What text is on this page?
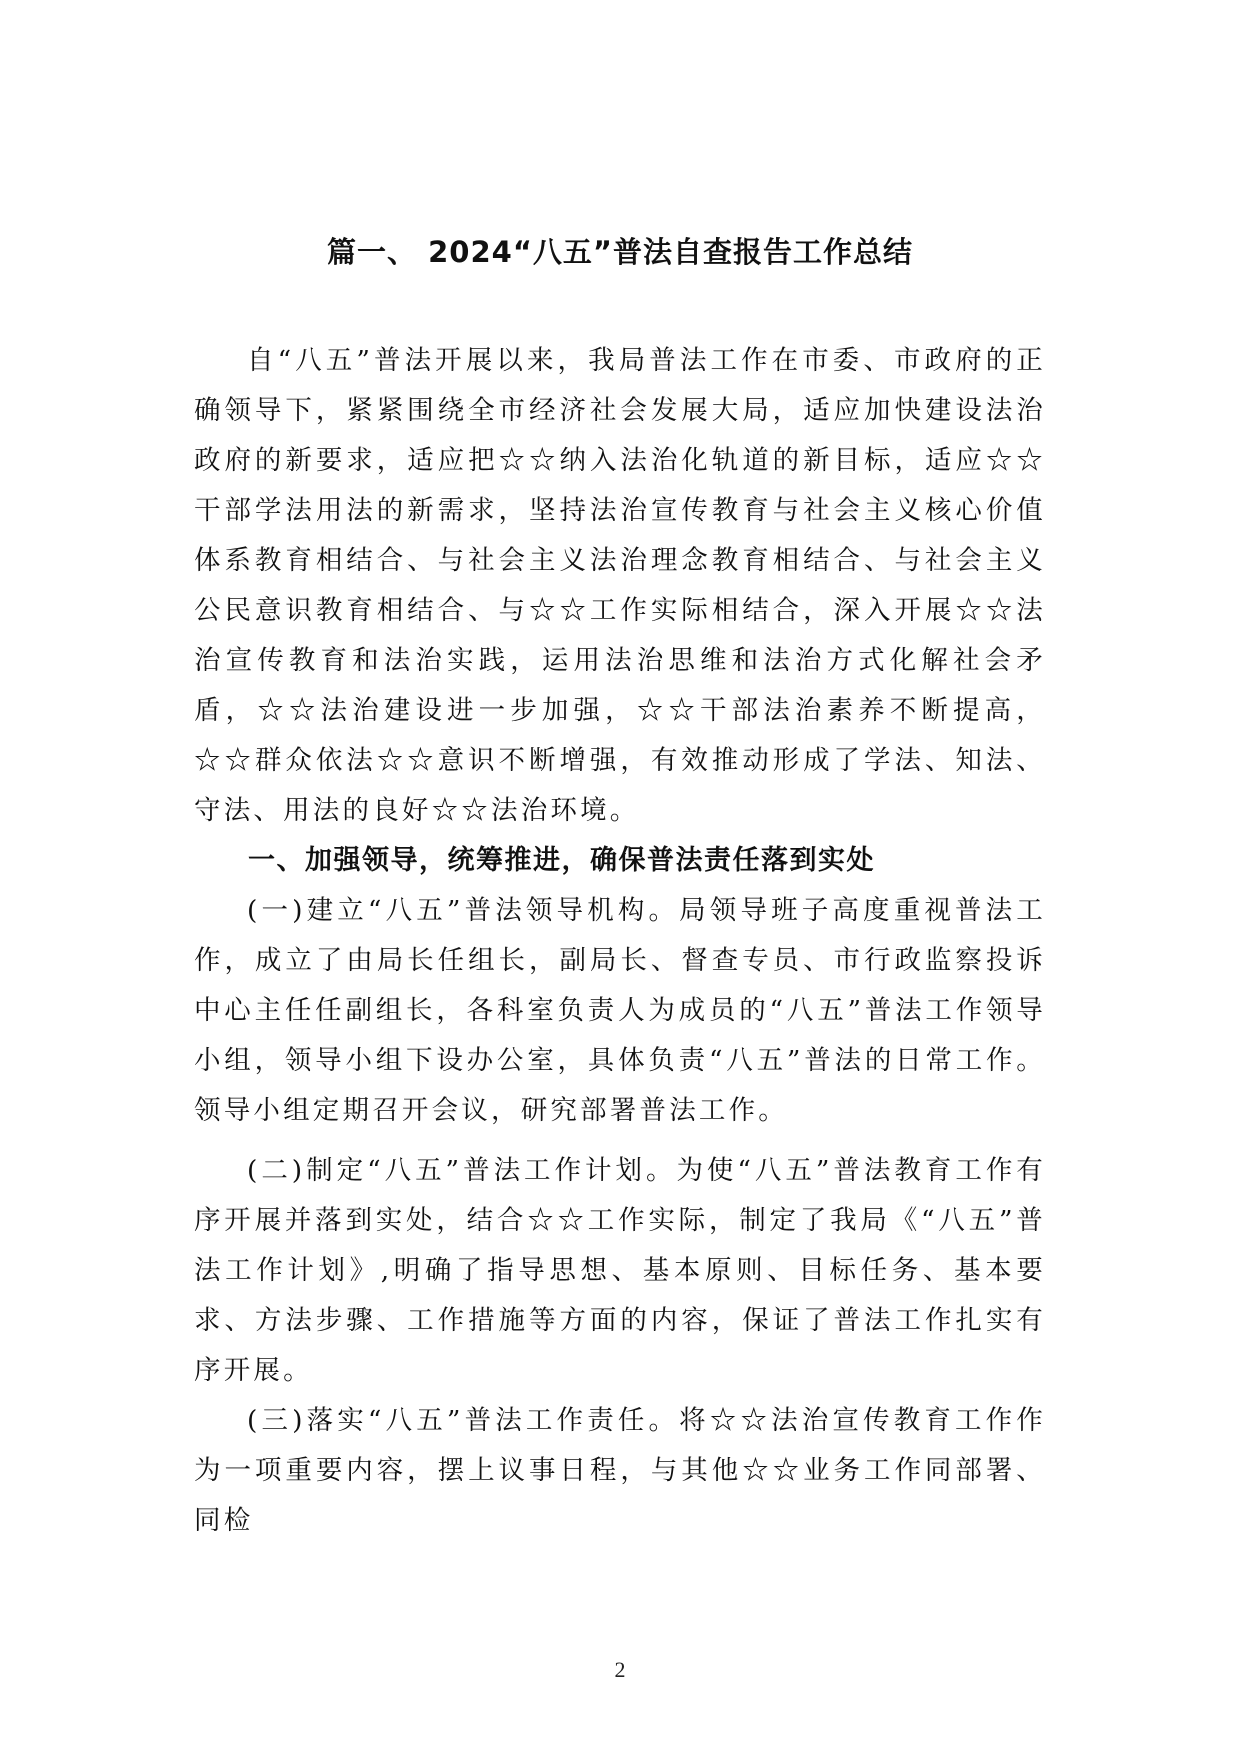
篇一、 2024“八五”普法自查报告工作总结

自“八五”普法开展以来，我局普法工作在市委、市政府的正确领导下，紧紧围绕全市经济社会发展大局，适应加快建设法治政府的新要求，适应把☆☆纳入法治化轨道的新目标，适应☆☆干部学法用法的新需求，坚持法治宣传教育与社会主义核心价值体系教育相结合、与社会主义法治理念教育相结合、与社会主义公民意识教育相结合、与☆☆工作实际相结合，深入开展☆☆法治宣传教育和法治实践，运用法治思维和法治方式化解社会矛盾，☆☆法治建设进一步加强，☆☆干部法治素养不断提高，☆☆群众依法☆☆意识不断增强，有效推动形成了学法、知法、守法、用法的良好☆☆法治环境。

一、加强领导，统筹推进，确保普法责任落到实处

(一)建立“八五”普法领导机构。局领导班子高度重视普法工作，成立了由局长任组长，副局长、督查专员、市行政监察投诉中心主任任副组长，各科室负责人为成员的“八五”普法工作领导小组，领导小组下设办公室，具体负责“八五”普法的日常工作。领导小组定期召开会议，研究部署普法工作。

(二)制定“八五”普法工作计划。为使“八五”普法教育工作有序开展并落到实处，结合☆☆工作实际，制定了我局《“八五”普法工作计划》,明确了指导思想、基本原则、目标任务、基本要求、方法步骤、工作措施等方面的内容，保证了普法工作扎实有序开展。

(三)落实“八五”普法工作责任。将☆☆法治宣传教育工作作为一项重要内容，摆上议事日程，与其他☆☆业务工作同部署、同检

2
